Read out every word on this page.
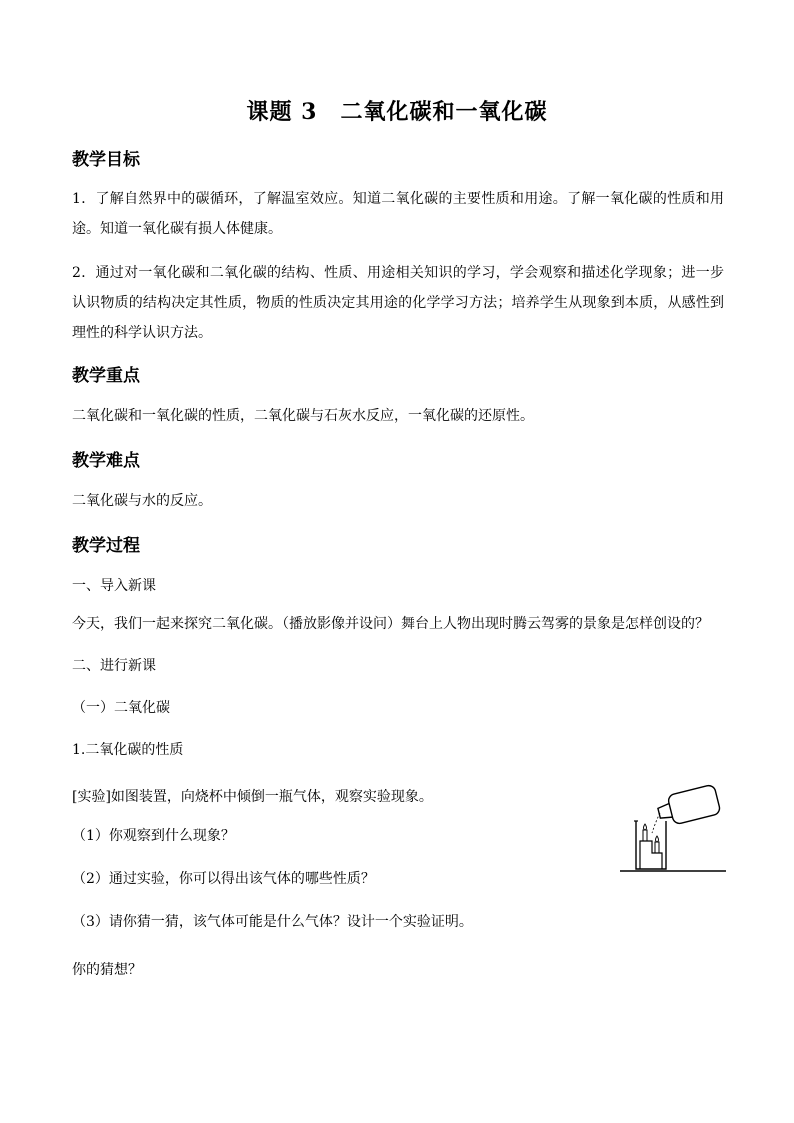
课题 3　二氧化碳和一氧化碳
教学目标

1．了解自然界中的碳循环，了解温室效应。知道二氧化碳的主要性质和用途。了解一氧化碳的性质和用途。知道一氧化碳有损人体健康。

2．通过对一氧化碳和二氧化碳的结构、性质、用途相关知识的学习，学会观察和描述化学现象；进一步认识物质的结构决定其性质，物质的性质决定其用途的化学学习方法；培养学生从现象到本质，从感性到理性的科学认识方法。

教学重点

二氧化碳和一氧化碳的性质，二氧化碳与石灰水反应，一氧化碳的还原性。

教学难点

二氧化碳与水的反应。

教学过程

一、导入新课

今天，我们一起来探究二氧化碳。（播放影像并设问）舞台上人物出现时腾云驾雾的景象是怎样创设的？

二、进行新课

（一）二氧化碳

1.二氧化碳的性质

[实验]如图装置，向烧杯中倾倒一瓶气体，观察实验现象。

（1）你观察到什么现象？

（2）通过实验，你可以得出该气体的哪些性质？

（3）请你猜一猜，该气体可能是什么气体？设计一个实验证明。

你的猜想？
